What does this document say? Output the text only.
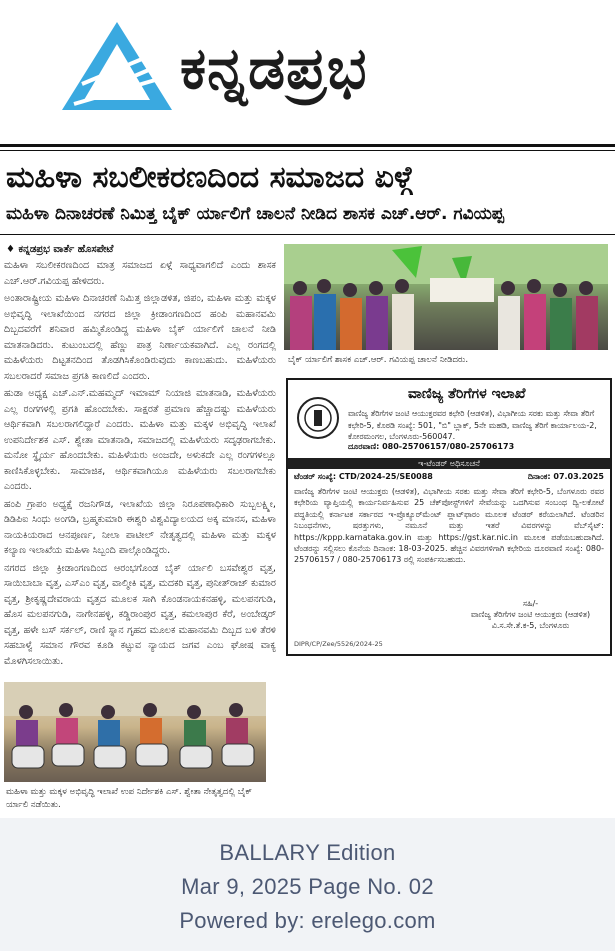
ಕನ್ನಡಪ್ರಭ
ಮಹಿಳಾ ಸಬಲೀಕರಣದಿಂದ ಸಮಾಜದ ಏಳ್ಗೆ
ಮಹಿಳಾ ದಿನಾಚರಣೆ ನಿಮಿತ್ತ ಬೈಕ್ ರ್ಯಾಲಿಗೆ ಚಾಲನೆ ನೀಡಿದ ಶಾಸಕ ಎಚ್.ಆರ್. ಗವಿಯಪ್ಪ
♦ ಕನ್ನಡಪ್ರಭ ವಾರ್ತೆ ಹೊಸಪೇಟೆ

ಮಹಿಳಾ ಸಬಲೀಕರಣದಿಂದ ಮಾತ್ರ ಸಮಾಜದ ಏಳ್ಗೆ ಸಾಧ್ಯವಾಗಲಿದೆ ಎಂದು ಶಾಸಕ ಎಚ್.ಆರ್.ಗವಿಯಪ್ಪ ಹೇಳಿದರು.

ಅಂತಾರಾಷ್ಟ್ರೀಯ ಮಹಿಳಾ ದಿನಾಚರಣೆ ನಿಮಿತ್ತ ಜಿಲ್ಲಾಡಳಿತ, ಜಿಪಂ, ಮಹಿಳಾ ಮತ್ತು ಮಕ್ಕಳ ಅಭಿವೃದ್ಧಿ ಇಲಾಖೆಯಿಂದ ನಗರದ ಜಿಲ್ಲಾ ಕ್ರೀಡಾಂಗಣದಿಂದ ಹಂಪಿ ಮಹಾನವಮಿ ದಿಬ್ಬದವರೆಗೆ ಶನಿವಾರ ಹಮ್ಮಿಕೊಂಡಿದ್ದ ಮಹಿಳಾ ಬೈಕ್ ರ್ಯಾಲಿಗೆ ಚಾಲನೆ ನೀಡಿ ಮಾತನಾಡಿದರು. ಕುಟುಂಬದಲ್ಲಿ ಹೆಣ್ಣು ಪಾತ್ರ ನಿರ್ಣಾಯಕವಾಗಿದೆ. ಎಲ್ಲ ರಂಗದಲ್ಲಿ ಮಹಿಳೆಯರು ದಿಟ್ಟತನದಿಂದ ತೊಡಗಿಸಿಕೊಂಡಿರುವುದು ಕಾಣಬಹುದು. ಮಹಿಳೆಯರು ಸಬಲರಾದರೆ ಸಮಾಜ ಪ್ರಗತಿ ಕಾಣಲಿದೆ ಎಂದರು.

ಹುಡಾ ಅಧ್ಯಕ್ಷ ಎಚ್.ಎನ್.ಮಹಮ್ಮದ್ ಇಮಾಮ್ ನಿಯಾಜಿ ಮಾತನಾಡಿ, ಮಹಿಳೆಯರು ಎಲ್ಲ ರಂಗಗಳಲ್ಲಿ ಪ್ರಗತಿ ಹೊಂದಬೇಕು. ಸಾಕ್ಷರತೆ ಪ್ರಮಾಣ ಹೆಚ್ಚಾದಷ್ಟು ಮಹಿಳೆಯರು ಆರ್ಥಿಕವಾಗಿ ಸಬಲರಾಗಲಿದ್ದಾರೆ ಎಂದರು. ಮಹಿಳಾ ಮತ್ತು ಮಕ್ಕಳ ಅಭಿವೃದ್ಧಿ ಇಲಾಖೆ ಉಪನಿರ್ದೇಶಕ ಎಸ್. ಶ್ವೇತಾ ಮಾತನಾಡಿ, ಸಮಾಜದಲ್ಲಿ ಮಹಿಳೆಯರು ಸದೃಢರಾಗಬೇಕು. ಮನೋ ಸ್ಥೈರ್ಯ ಹೊಂದಬೇಕು. ಮಹಿಳೆಯರು ಅಂಜದೇ, ಅಳುಕದೇ ಎಲ್ಲ ರಂಗಗಳಲ್ಲೂ ಕಾಣಿಸಿಕೊಳ್ಳಬೇಕು. ಸಾಮಾಜಿಕ, ಆರ್ಥಿಕವಾಗಿಯೂ ಮಹಿಳೆಯರು ಸಬಲರಾಗಬೇಕು ಎಂದರು.

ಹಂಪಿ ಗ್ರಾಪಂ ಅಧ್ಯಕ್ಷೆ ರಜನಿಗೌಡ, ಇಲಾಖೆಯ ಜಿಲ್ಲಾ ನಿರೂಪಣಾಧಿಕಾರಿ ಸುಬ್ಬಲಕ್ಷ್ಮೀ, ಡಿಡಿಪಿಐ ಸಿಂಧು ಅಂಗಡಿ, ಬ್ರಹ್ಮಕುಮಾರಿ ಈಶ್ವರಿ ವಿಶ್ವವಿದ್ಯಾಲಯದ ಅಕ್ಕ ಮಾನಸ, ಮಹಿಳಾ ನಾಯಕಿಯರಾದ ಆನಪೂರ್ಣ, ನೀಲಾ ಪಾಟೀಲ್ ನೇತೃತ್ವದಲ್ಲಿ ಮಹಿಳಾ ಮತ್ತು ಮಕ್ಕಳ ಕಲ್ಯಾಣ ಇಲಾಖೆಯ ಮಹಿಳಾ ಸಿಬ್ಬಂದಿ ಪಾಲ್ಗೊಂಡಿದ್ದರು.

ನಗರದ ಜಿಲ್ಲಾ ಕ್ರೀಡಾಂಗಣದಿಂದ ಆರಂಭಗೊಂಡ ಬೈಕ್ ರ್ಯಾಲಿ ಬಸವೇಶ್ವರ ವೃತ್ತ, ಸಾಯಿಬಾಬಾ ವೃತ್ತ, ಎಸ್‌ಎಂ ವೃತ್ತ, ವಾಲ್ಮೀಕಿ ವೃತ್ತ, ಮದಕರಿ ವೃತ್ತ, ಪುನೀತ್‌ರಾಜ್ ಕುಮಾರ ವೃತ್ತ, ಶ್ರೀಕೃಷ್ಣದೇವರಾಯ ವೃತ್ತದ ಮೂಲಕ ಸಾಗಿ ಕೊಂಡನಾಯಕನಹಳ್ಳಿ, ಮಲಪನಗುಡಿ, ಹೊಸ ಮಲಪನಗುಡಿ, ನಾಗೇನಹಳ್ಳಿ, ಕಡ್ಡಿರಾಂಪುರ ವೃತ್ತ, ಕಮಲಾಪುರ ಕೆರೆ, ಅಂಬೇಡ್ಕರ್ ವೃತ್ತ, ಹಳೇ ಬಸ್ ಸರ್ಕಲ್, ರಾಣಿ ಸ್ನಾನ ಗೃಹದ ಮೂಲಕ ಮಹಾನವಮಿ ದಿಬ್ಬದ ಬಳಿ ತೆರಳಿ ಸಹಬಾಳ್ವೆ ಸಮಾನ ಗೌರವ ಕೂಡಿ ಕಟ್ಟುವ ನ್ಯಾಯದ ಜಗವ ಎಂಬ ಘೋಷ ವಾಕ್ಯ ಮೊಳಗಿಸಲಾಯಿತು.

ಬೈಕ್ ರ್ಯಾಲಿಗೆ ಶಾಸಕ ಎಚ್.ಆರ್. ಗವಿಯಪ್ಪ ಚಾಲನೆ ನೀಡಿದರು.
ವಾಣಿಜ್ಯ ತೆರಿಗೆಗಳ ಇಲಾಖೆ
ವಾಣಿಜ್ಯ ತೆರಿಗೆಗಳ ಜಂಟಿ ಆಯುಕ್ತರವರ ಕಛೇರಿ (ಆಡಳಿತ), ವಿಭಾಗೀಯ ಸರಕು ಮತ್ತು ಸೇವಾ ತೆರಿಗೆ ಕಛೇರಿ-5, ಕೊಠಡಿ ಸಂಖ್ಯೆ: 501, "ಬಿ" ಬ್ಲಾಕ್, 5ನೇ ಮಹಡಿ, ವಾಣಿಜ್ಯ ತೆರಿಗೆ ಕಾರ್ಯಾಲಯ-2, ಕೋರಮಂಗಲ, ಬೆಂಗಳೂರು-560047.
ದೂರವಾಣಿ: 080-25706157/080-25706173
ಇ-ಟೆಂಡರ್ ಅಧಿಸೂಚನೆ
ಟೆಂಡರ್ ಸಂಖ್ಯೆ: CTD/2024-25/SE0088	ದಿನಾಂಕ: 07.03.2025
ವಾಣಿಜ್ಯ ತೆರಿಗೆಗಳ ಜಂಟಿ ಆಯುಕ್ತರು (ಆಡಳಿತ), ವಿಭಾಗೀಯ ಸರಕು ಮತ್ತು ಸೇವಾ ತೆರಿಗೆ ಕಛೇರಿ-5, ಬೆಂಗಳೂರು ರವರ ಕಛೇರಿಯ ವ್ಯಾಪ್ತಿಯಲ್ಲಿ ಕಾರ್ಯನಿರ್ವಹಿಸುವ 25 ಚೆಕ್‌ಪೋಸ್ಟ್‌ಗಳಿಗೆ ಸೇವೆಯನ್ನು ಒದಗಿಸುವ ಸಂಬಂಧ ದ್ವಿ-ಲಕೋಟೆ ಪದ್ಧತಿಯಲ್ಲಿ ಕರ್ನಾಟಕ ಸರ್ಕಾರದ ಇ-ಪ್ರೊಕ್ಯೂರ್‌ಮೆಂಟ್ ಪ್ಲಾಟ್‌ಫಾರಂ ಮೂಲಕ ಟೆಂಡರ್ ಕರೆಯಲಾಗಿದೆ. ಟೆಂಡರಿನ ನಿಬಂಧನೆಗಳು, ಷರತ್ತುಗಳು, ನಮೂನೆ ಮತ್ತು ಇತರೆ ವಿವರಗಳನ್ನು ವೆಬ್‌ಸೈಟ್: https://kppp.karnataka.gov.in ಮತ್ತು https://gst.kar.nic.in ಮೂಲಕ ಪಡೆಯಬಹುದಾಗಿದೆ. ಟೆಂಡರನ್ನು ಸಲ್ಲಿಸಲು ಕೊನೆಯ ದಿನಾಂಕ: 18-03-2025. ಹೆಚ್ಚಿನ ವಿವರಗಳಿಗಾಗಿ ಕಛೇರಿಯ ದೂರವಾಣಿ ಸಂಖ್ಯೆ: 080-25706157 / 080-25706173 ರಲ್ಲಿ ಸಂಪರ್ಕಿಸಬಹುದು.
ಸಹಿ/-
ವಾಣಿಜ್ಯ ತೆರಿಗೆಗಳ ಜಂಟಿ ಆಯುಕ್ತರು (ಆಡಳಿತ)
ವಿ.ಸ.ಸೇ.ತೆ.ಕ-5, ಬೆಂಗಳೂರು
DIPR/CP/Zee/5526/2024-25
ಮಹಿಳಾ ಮತ್ತು ಮಕ್ಕಳ ಅಭಿವೃದ್ಧಿ ಇಲಾಖೆ ಉಪ ನಿರ್ದೇಶಕಿ ಎಸ್. ಶ್ವೇತಾ ನೇತೃತ್ವದಲ್ಲಿ ಬೈಕ್ ರ್ಯಾಲಿ ನಡೆಯಿತು.
BALLARY Edition
Mar 9, 2025 Page No. 02
Powered by: erelego.com
